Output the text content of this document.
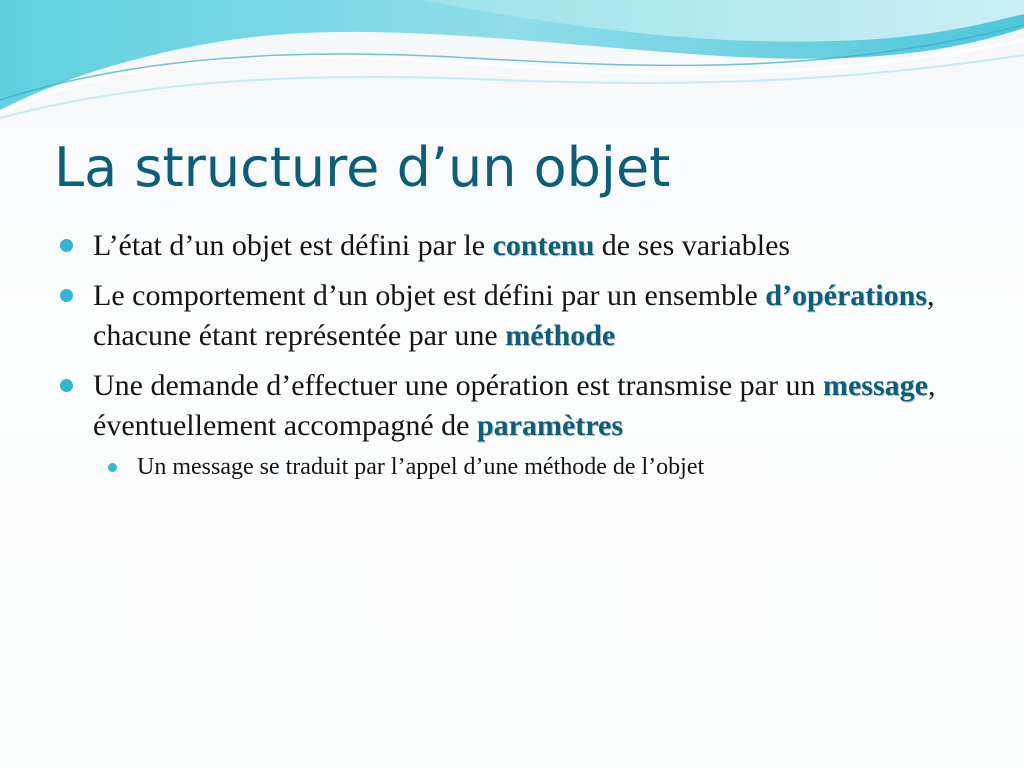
La structure d’un objet
L’état d’un objet est défini par le contenu de ses variables
Le comportement d’un objet est défini par un ensemble d’opérations, chacune étant représentée par une méthode
Une demande d’effectuer une opération est transmise par un message, éventuellement accompagné de paramètres
Un message se traduit par l’appel d’une méthode de l’objet
